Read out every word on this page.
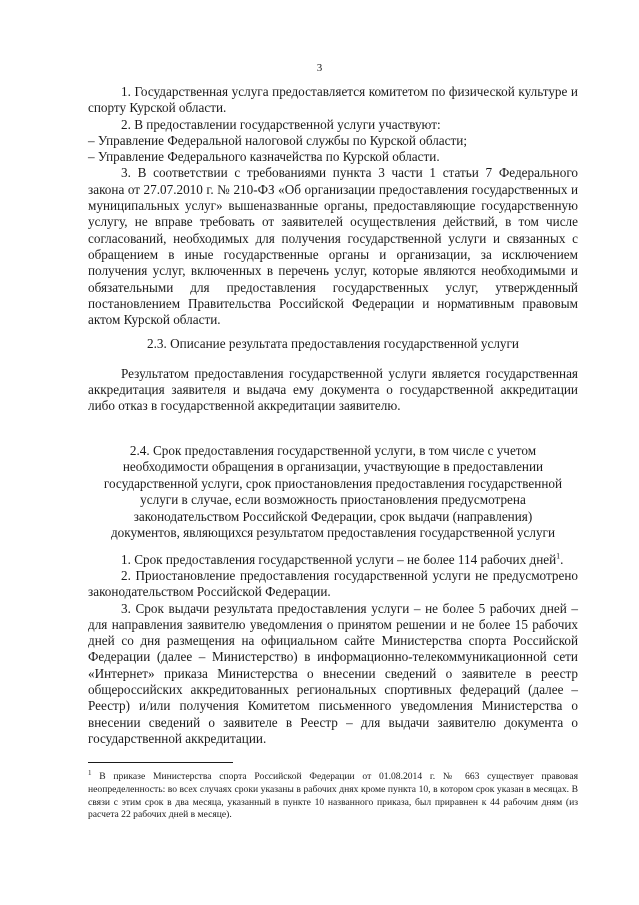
3

1. Государственная услуга предоставляется комитетом по физической культуре и спорту Курской области.

2. В предоставлении государственной услуги участвуют:

– Управление Федеральной налоговой службы по Курской области;

– Управление Федерального казначейства по Курской области.

3. В соответствии с требованиями пункта 3 части 1 статьи 7 Федерального закона от 27.07.2010 г. № 210-ФЗ «Об организации предоставления государственных и муниципальных услуг» вышеназванные органы, предоставляющие государственную услугу, не вправе требовать от заявителей осуществления действий, в том числе согласований, необходимых для получения государственной услуги и связанных с обращением в иные государственные органы и организации, за исключением получения услуг, включенных в перечень услуг, которые являются необходимыми и обязательными для предоставления государственных услуг, утвержденный постановлением Правительства Российской Федерации и нормативным правовым актом Курской области.

2.3. Описание результата предоставления государственной услуги

Результатом предоставления государственной услуги является государственная аккредитация заявителя и выдача ему документа о государственной аккредитации либо отказ в государственной аккредитации заявителю.

2.4. Срок предоставления государственной услуги, в том числе с учетом необходимости обращения в организации, участвующие в предоставлении государственной услуги, срок приостановления предоставления государственной услуги в случае, если возможность приостановления предусмотрена законодательством Российской Федерации, срок выдачи (направления) документов, являющихся результатом предоставления государственной услуги

1. Срок предоставления государственной услуги – не более 114 рабочих дней$^1$.

2. Приостановление предоставления государственной услуги не предусмотрено законодательством Российской Федерации.

3. Срок выдачи результата предоставления услуги – не более 5 рабочих дней – для направления заявителю уведомления о принятом решении и не более 15 рабочих дней со дня размещения на официальном сайте Министерства спорта Российской Федерации (далее – Министерство) в информационно-телекоммуникационной сети «Интернет» приказа Министерства о внесении сведений о заявителе в реестр общероссийских аккредитованных региональных спортивных федераций (далее – Реестр) и/или получения Комитетом письменного уведомления Министерства о внесении сведений о заявителе в Реестр – для выдачи заявителю документа о государственной аккредитации.

$^1$ В приказе Министерства спорта Российской Федерации от 01.08.2014 г. № 663 существует правовая неопределенность: во всех случаях сроки указаны в рабочих днях кроме пункта 10, в котором срок указан в месяцах. В связи с этим срок в два месяца, указанный в пункте 10 названного приказа, был приравнен к 44 рабочим дням (из расчета 22 рабочих дней в месяце).
